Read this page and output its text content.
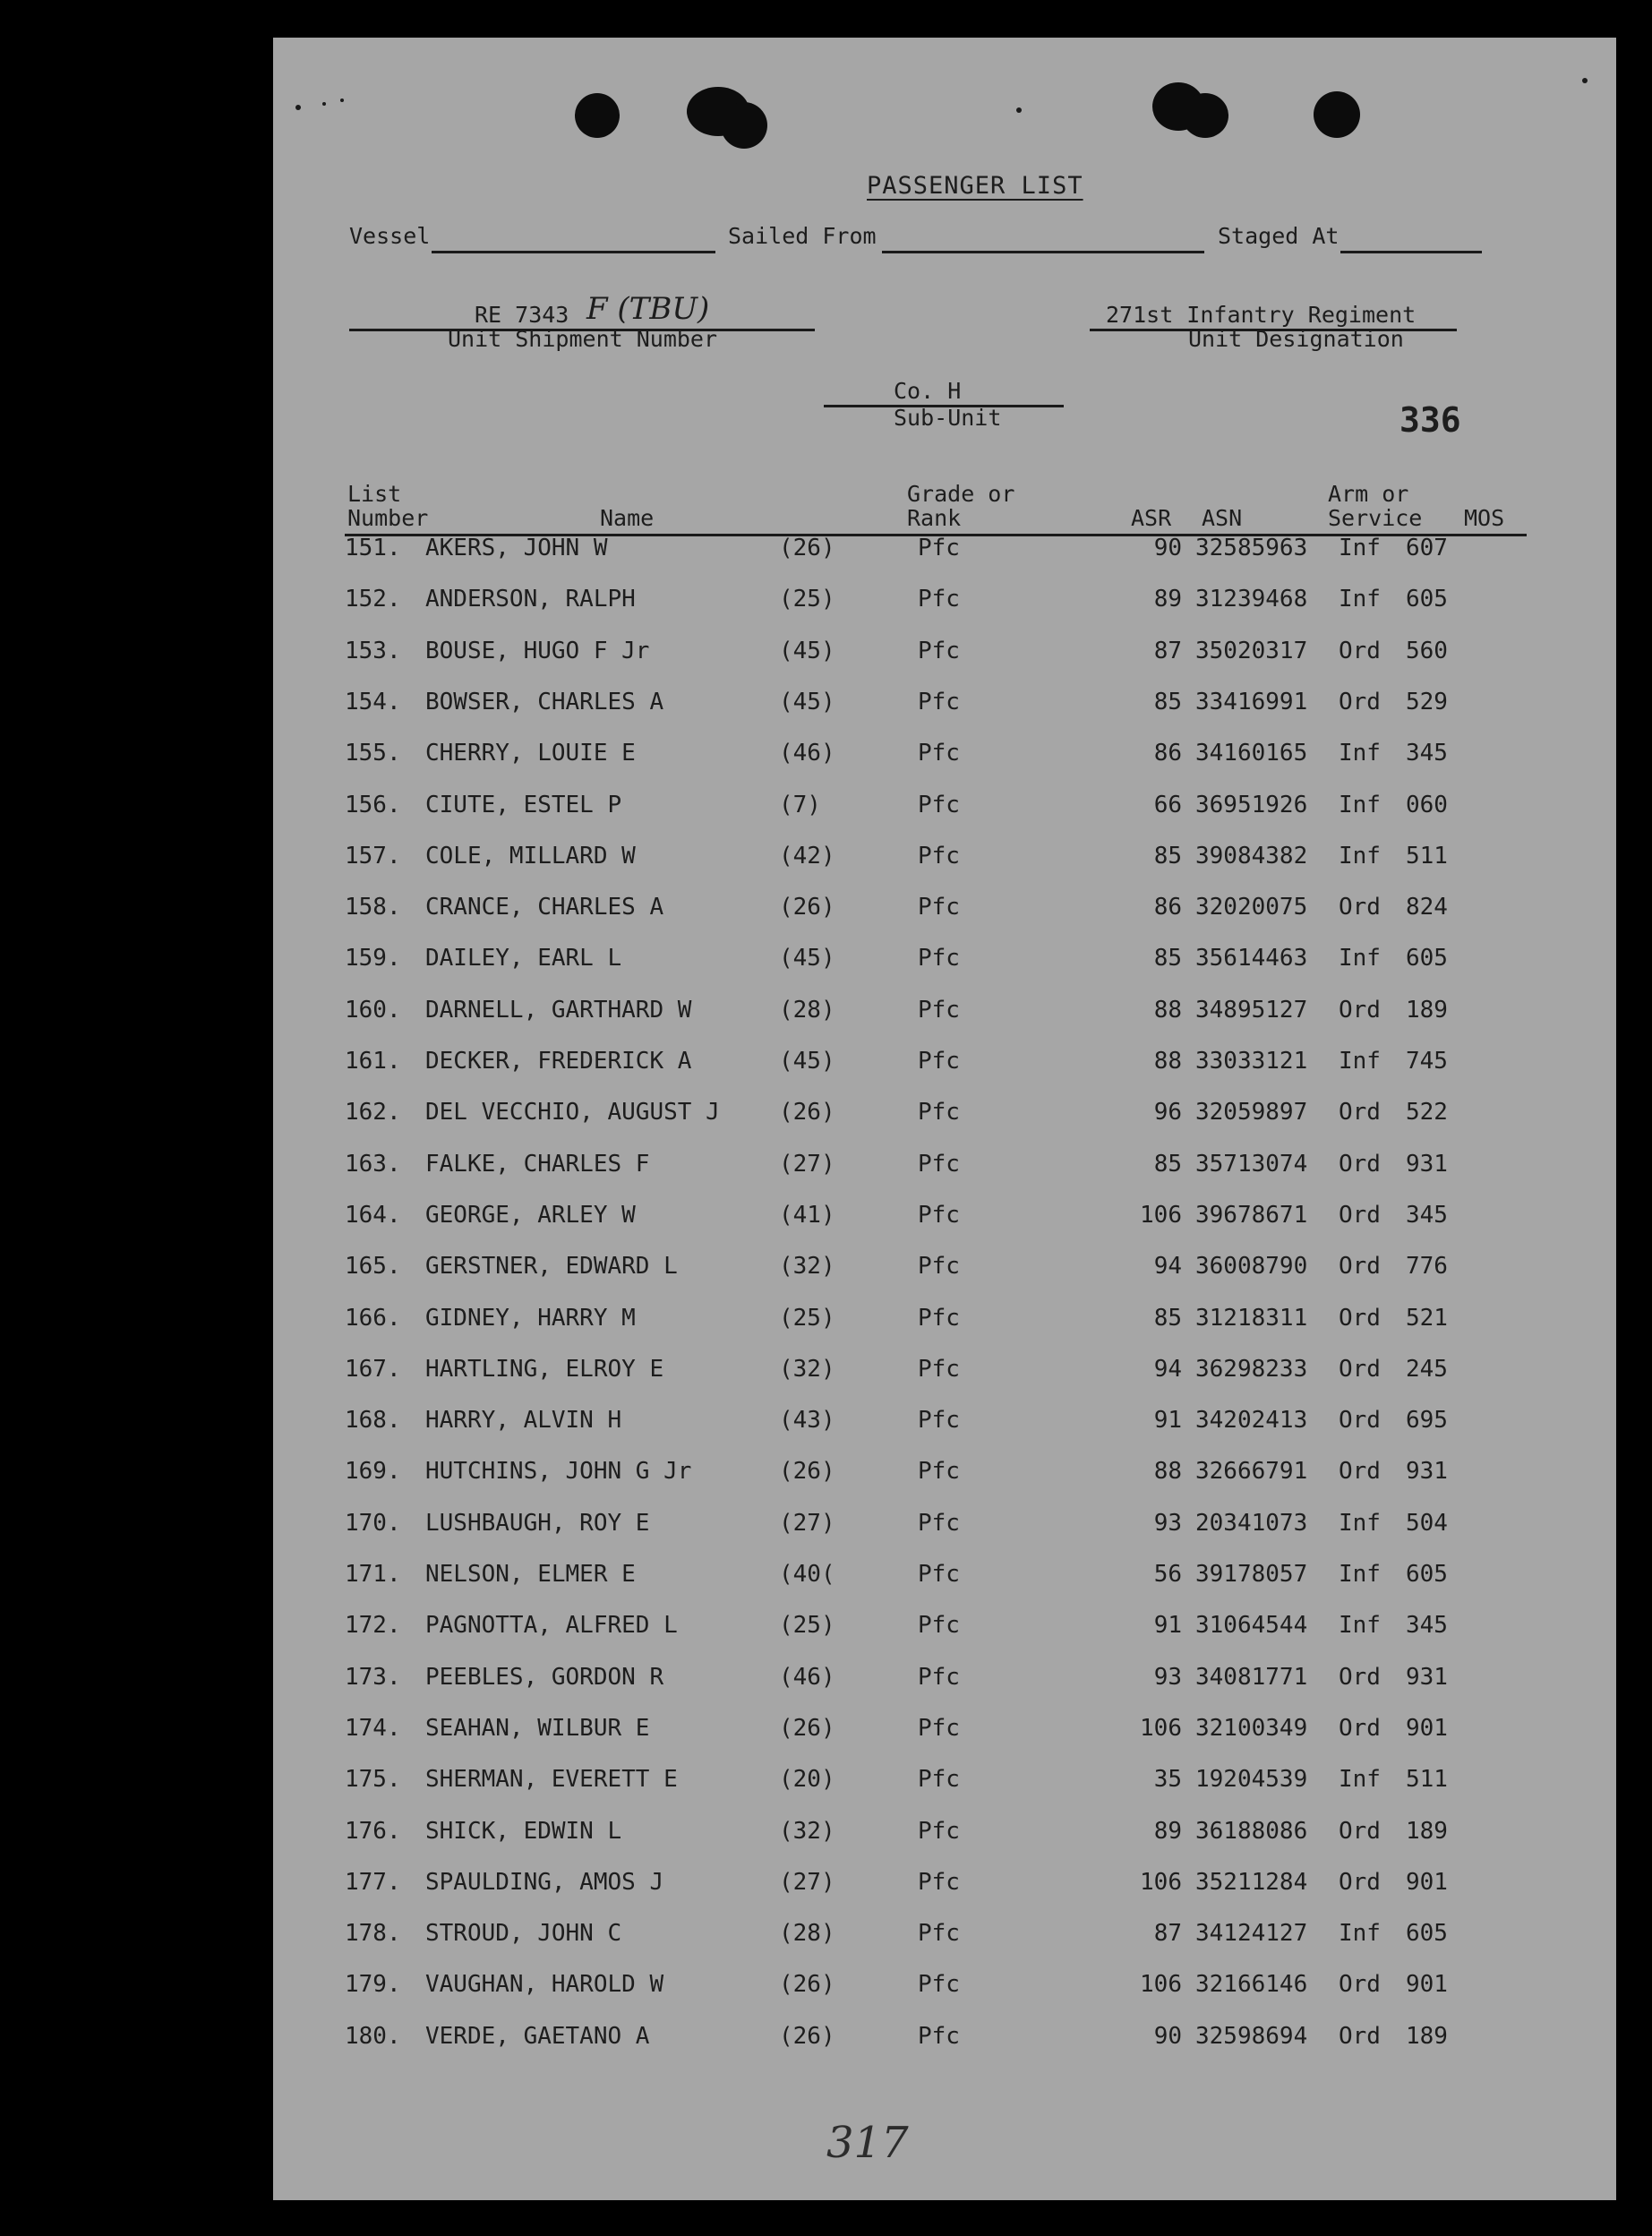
PASSENGER LIST
Vessel	Sailed From	Staged At
RE 7343 F (TBU)
Unit Shipment Number
271st Infantry Regiment
Unit Designation
Co. H
Sub-Unit	336
List
Number	Name
Grade or
Rank	ASR ASN
Arm or
Service MOS
151. AKERS, JOHN W	(26)	Pfc	90 32585963 Inf 607
152. ANDERSON, RALPH	(25)	Pfc	89 31239468 Inf 605
153. BOUSE, HUGO F Jr	(45)	Pfc	87 35020317 Ord 560
154. BOWSER, CHARLES A	(45)	Pfc	85 33416991 Ord 529
155. CHERRY, LOUIE E	(46)	Pfc	86 34160165 Inf 345
156. CIUTE, ESTEL P	(7)	Pfc	66 36951926 Inf 060
157. COLE, MILLARD W	(42)	Pfc	85 39084382 Inf 511
158. CRANCE, CHARLES A	(26)	Pfc	86 32020075 Ord 824
159. DAILEY, EARL L	(45)	Pfc	85 35614463 Inf 605
160. DARNELL, GARTHARD W	(28)	Pfc	88 34895127 Ord 189
161. DECKER, FREDERICK A	(45)	Pfc	88 33033121 Inf 745
162. DEL VECCHIO, AUGUST J	(26)	Pfc	96 32059897 Ord 522
163. FALKE, CHARLES F	(27)	Pfc	85 35713074 Ord 931
164. GEORGE, ARLEY W	(41)	Pfc	106 39678671 Ord 345
165. GERSTNER, EDWARD L	(32)	Pfc	94 36008790 Ord 776
166. GIDNEY, HARRY M	(25)	Pfc	85 31218311 Ord 521
167. HARTLING, ELROY E	(32)	Pfc	94 36298233 Ord 245
168. HARRY, ALVIN H	(43)	Pfc	91 34202413 Ord 695
169. HUTCHINS, JOHN G Jr	(26)	Pfc	88 32666791 Ord 931
170. LUSHBAUGH, ROY E	(27)	Pfc	93 20341073 Inf 504
171. NELSON, ELMER E	(40(	Pfc	56 39178057 Inf 605
172. PAGNOTTA, ALFRED L	(25)	Pfc	91 31064544 Inf 345
173. PEEBLES, GORDON R	(46)	Pfc	93 34081771 Ord 931
174. SEAHAN, WILBUR E	(26)	Pfc	106 32100349 Ord 901
175. SHERMAN, EVERETT E	(20)	Pfc	35 19204539 Inf 511
176. SHICK, EDWIN L	(32)	Pfc	89 36188086 Ord 189
177. SPAULDING, AMOS J	(27)	Pfc	106 35211284 Ord 901
178. STROUD, JOHN C	(28)	Pfc	87 34124127 Inf 605
179. VAUGHAN, HAROLD W	(26)	Pfc	106 32166146 Ord 901
180. VERDE, GAETANO A	(26)	Pfc	90 32598694 Ord 189
317
